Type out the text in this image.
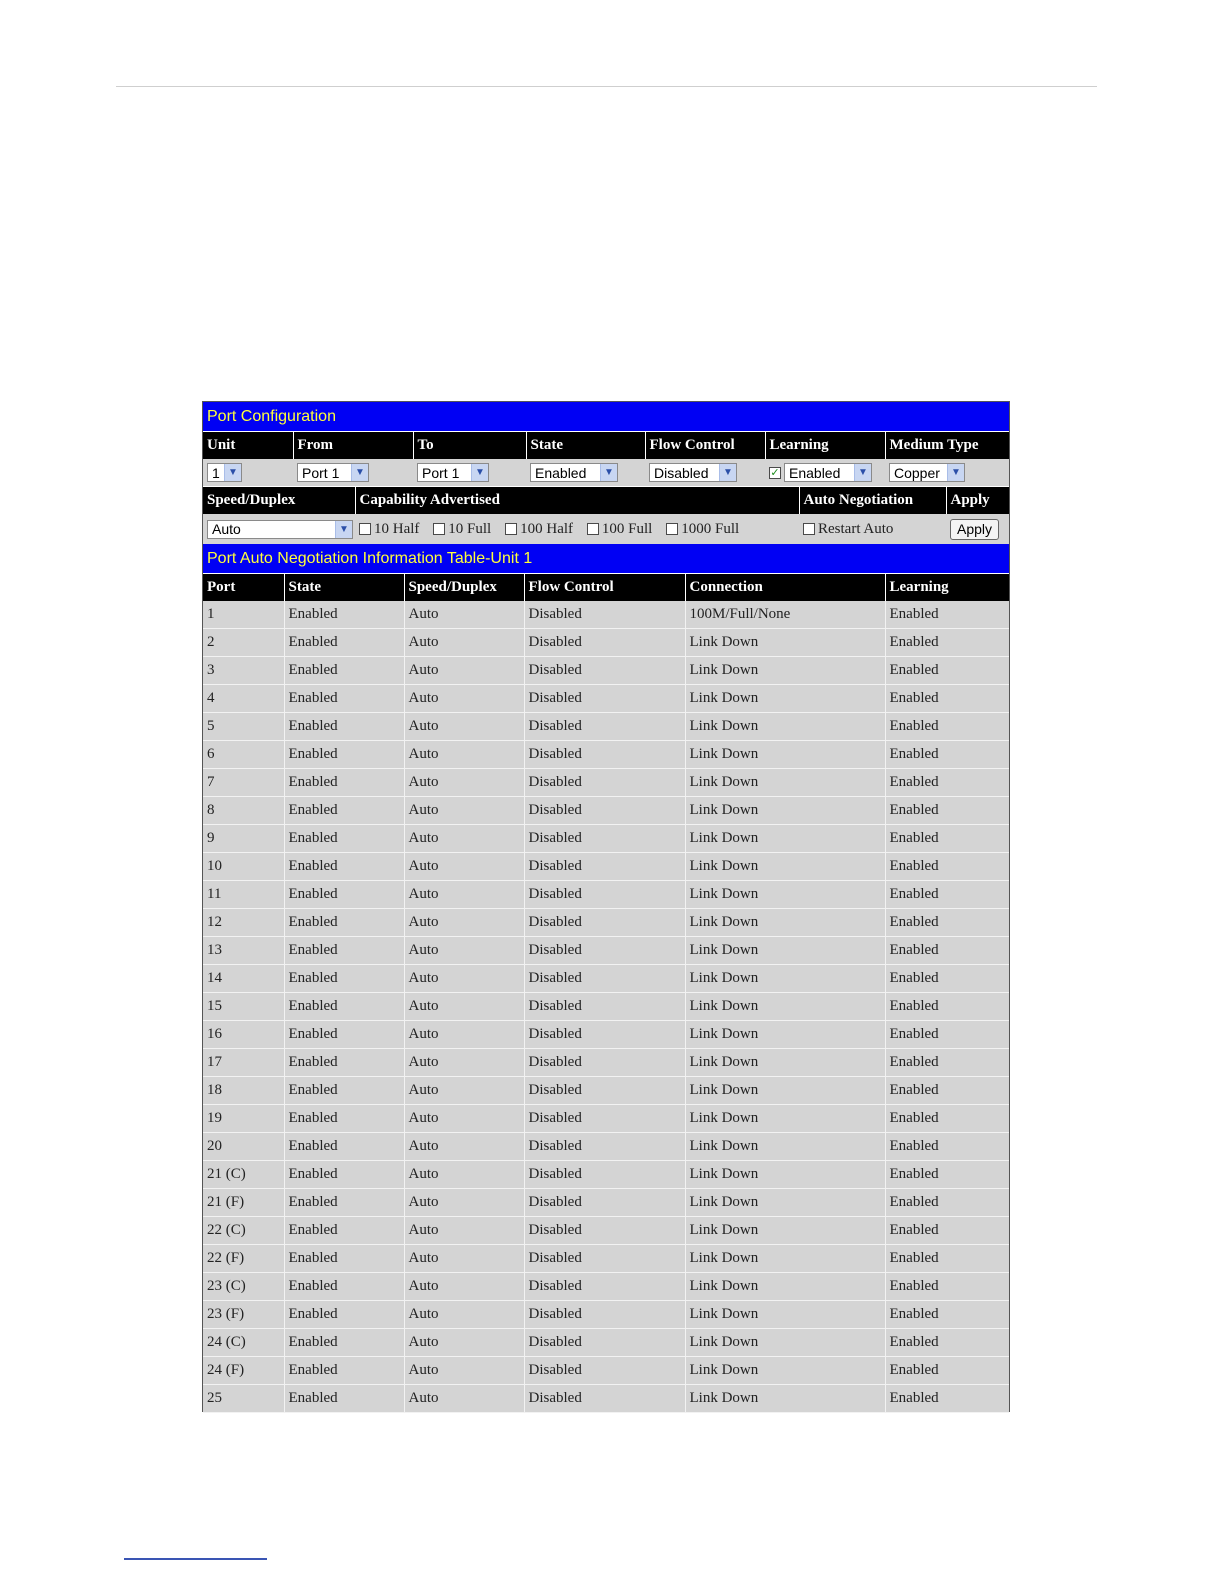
Port Configuration
Unit	From	To	State	Flow Control	Learning	Medium Type

1 ▼	Port 1 ▼	Port 1 ▼	Enabled ▼	Disabled ▼	✓ Enabled ▼	Copper ▼
Speed/Duplex	Capability Advertised	Auto Negotiation	Apply

Auto ▼	10 Half 10 Full 100 Half 100 Full 1000 Full	Restart Auto	Apply
Port Auto Negotiation Information Table-Unit 1
Port	State	Speed/Duplex	Flow Control	Connection	Learning
1	Enabled	Auto	Disabled	100M/Full/None	Enabled
2	Enabled	Auto	Disabled	Link Down	Enabled
3	Enabled	Auto	Disabled	Link Down	Enabled
4	Enabled	Auto	Disabled	Link Down	Enabled
5	Enabled	Auto	Disabled	Link Down	Enabled
6	Enabled	Auto	Disabled	Link Down	Enabled
7	Enabled	Auto	Disabled	Link Down	Enabled
8	Enabled	Auto	Disabled	Link Down	Enabled
9	Enabled	Auto	Disabled	Link Down	Enabled
10	Enabled	Auto	Disabled	Link Down	Enabled
11	Enabled	Auto	Disabled	Link Down	Enabled
12	Enabled	Auto	Disabled	Link Down	Enabled
13	Enabled	Auto	Disabled	Link Down	Enabled
14	Enabled	Auto	Disabled	Link Down	Enabled
15	Enabled	Auto	Disabled	Link Down	Enabled
16	Enabled	Auto	Disabled	Link Down	Enabled
17	Enabled	Auto	Disabled	Link Down	Enabled
18	Enabled	Auto	Disabled	Link Down	Enabled
19	Enabled	Auto	Disabled	Link Down	Enabled
20	Enabled	Auto	Disabled	Link Down	Enabled
21 (C)	Enabled	Auto	Disabled	Link Down	Enabled
21 (F)	Enabled	Auto	Disabled	Link Down	Enabled
22 (C)	Enabled	Auto	Disabled	Link Down	Enabled
22 (F)	Enabled	Auto	Disabled	Link Down	Enabled
23 (C)	Enabled	Auto	Disabled	Link Down	Enabled
23 (F)	Enabled	Auto	Disabled	Link Down	Enabled
24 (C)	Enabled	Auto	Disabled	Link Down	Enabled
24 (F)	Enabled	Auto	Disabled	Link Down	Enabled
25	Enabled	Auto	Disabled	Link Down	Enabled
